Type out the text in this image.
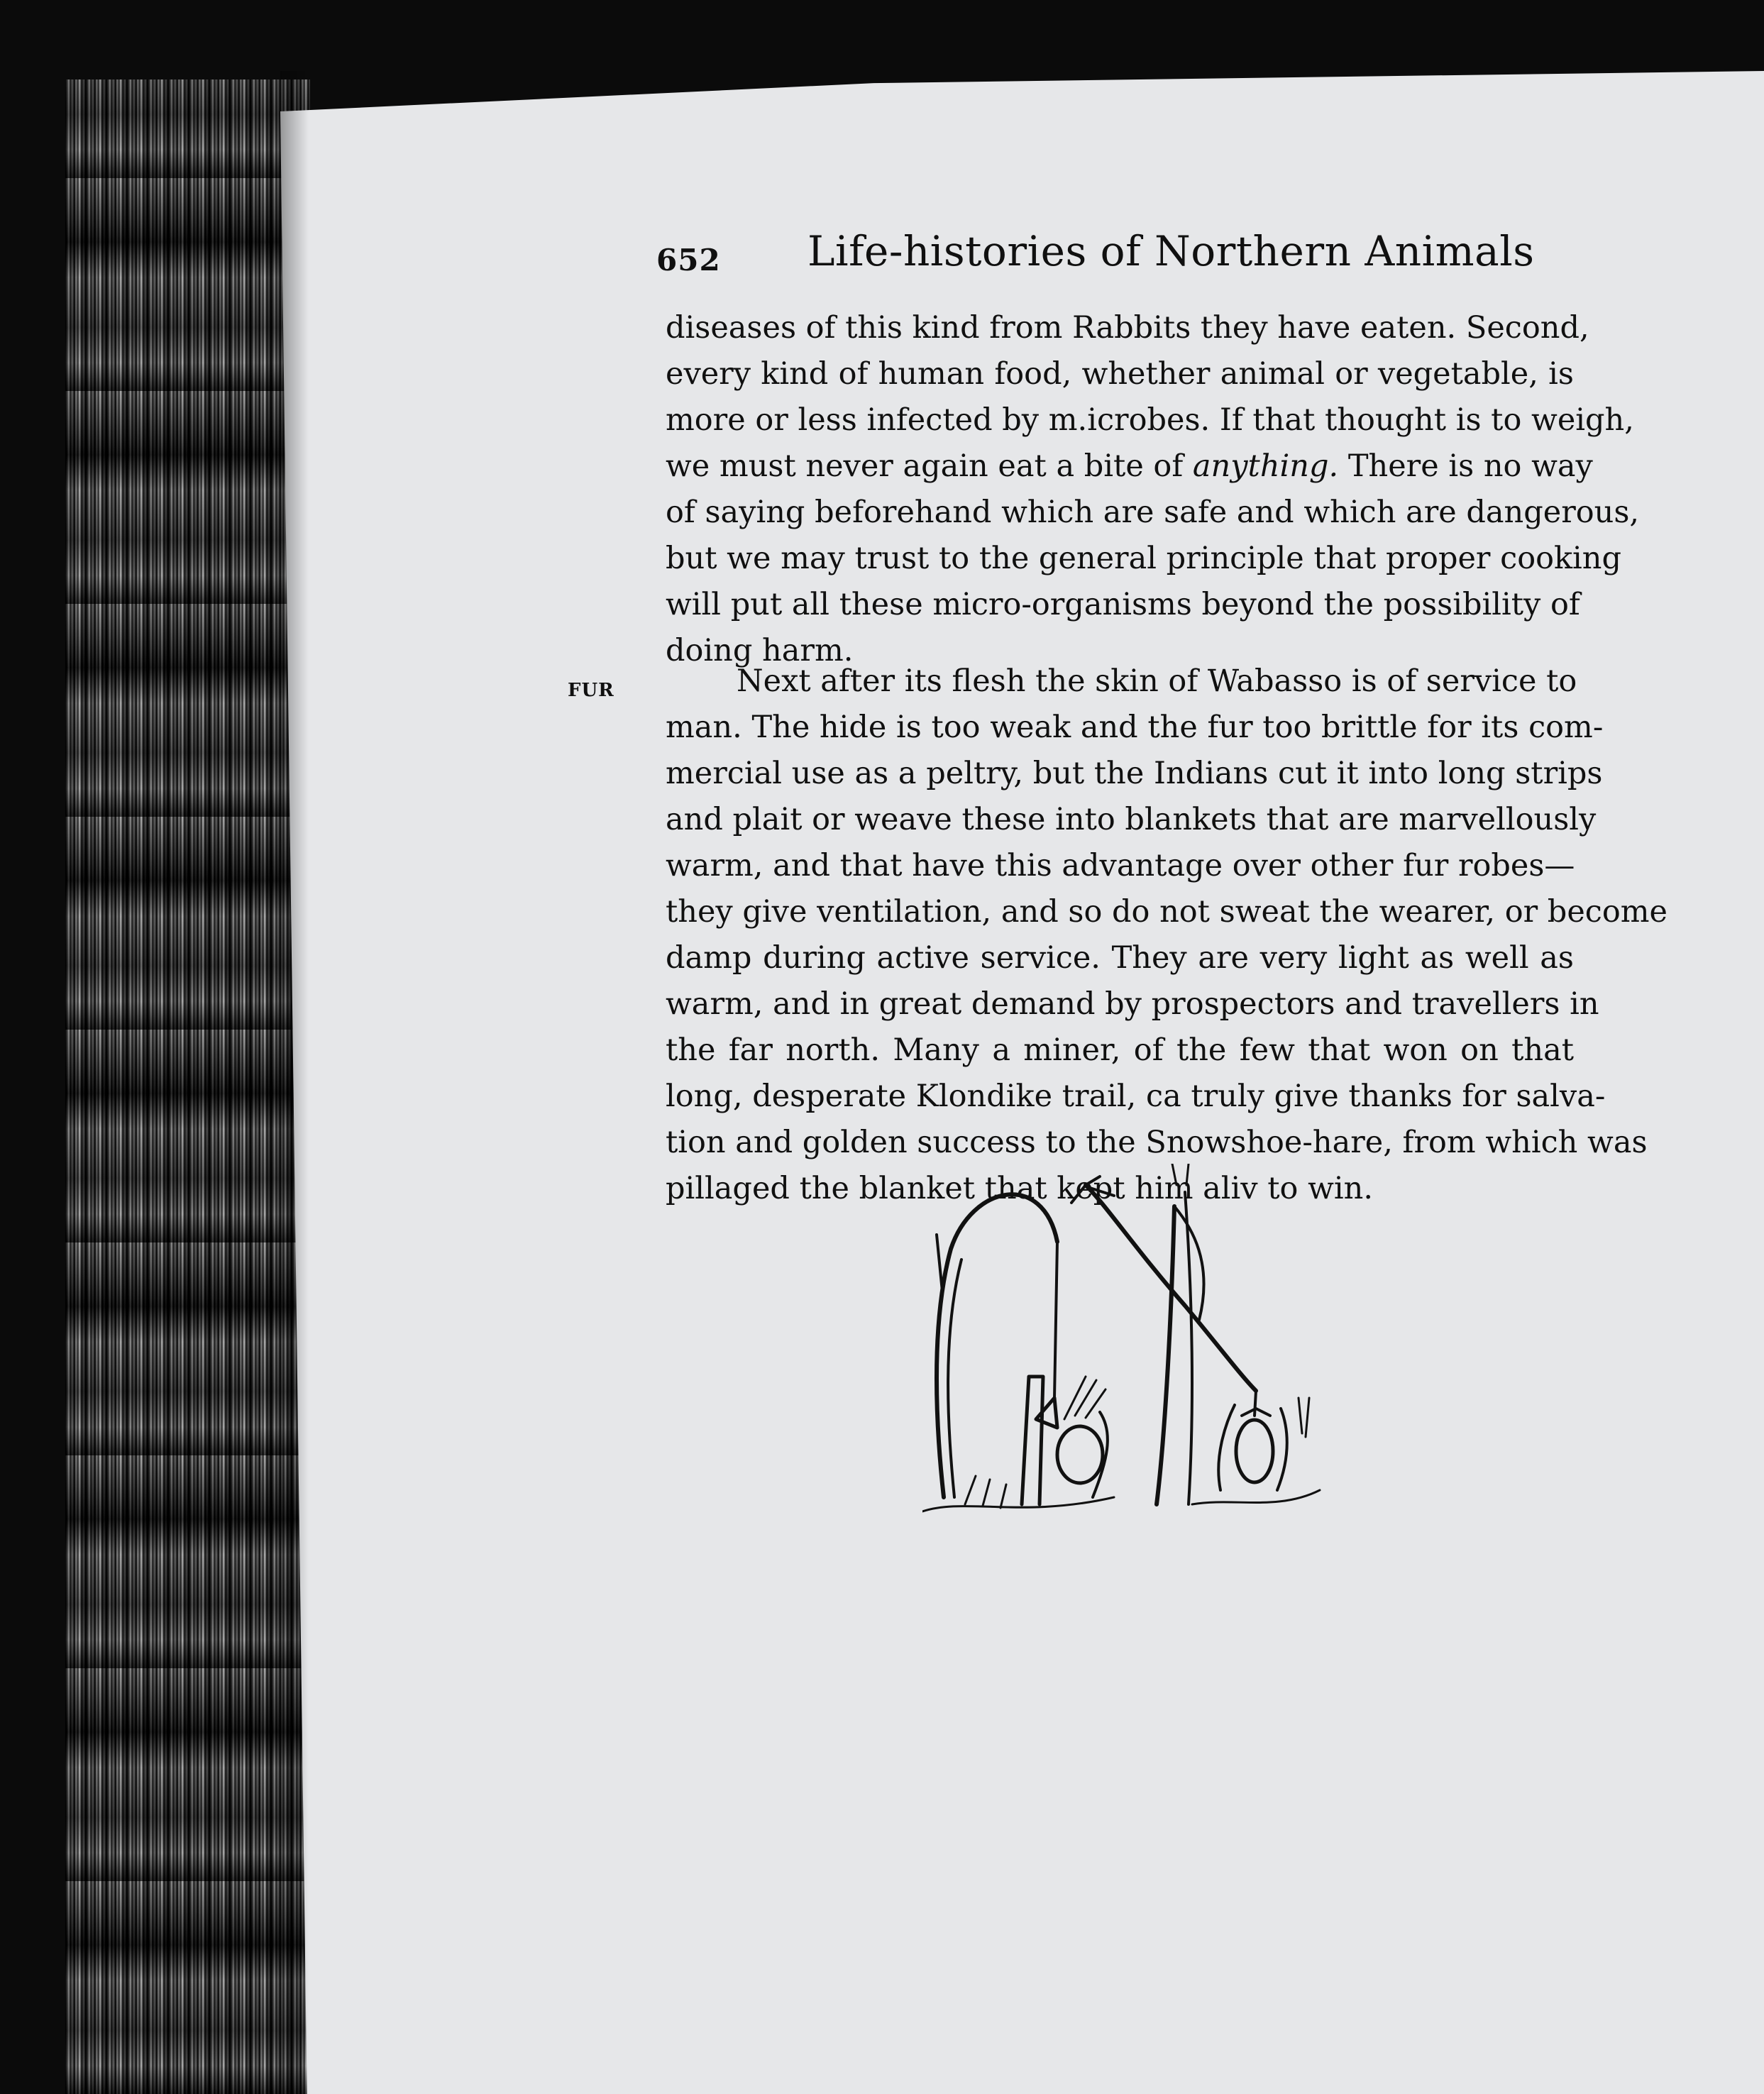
652 Life-histories of Northern Animals
diseases of this kind from Rabbits they have eaten. Second,
every kind of human food, whether animal or vegetable, is
more or less infected by m.icrobes. If that thought is to weigh,
we must never again eat a bite of anything. There is no way
of saying beforehand which are safe and which are dangerous,
but we may trust to the general principle that proper cooking
will put all these micro-organisms beyond the possibility of
doing harm.
FUR	Next after its flesh the skin of Wabasso is of service to
man. The hide is too weak and the fur too brittle for its com-
mercial use as a peltry, but the Indians cut it into long strips
and plait or weave these into blankets that are marvellously
warm, and that have this advantage over other fur robes—
they give ventilation, and so do not sweat the wearer, or become
damp during active service. They are very light as well as
warm, and in great demand by prospectors and travellers in
the far north. Many a miner, of the few that won on that
long, desperate Klondike trail, ca truly give thanks for salva-
tion and golden success to the Snowshoe-hare, from which was
pillaged the blanket that kept him aliv to win.
